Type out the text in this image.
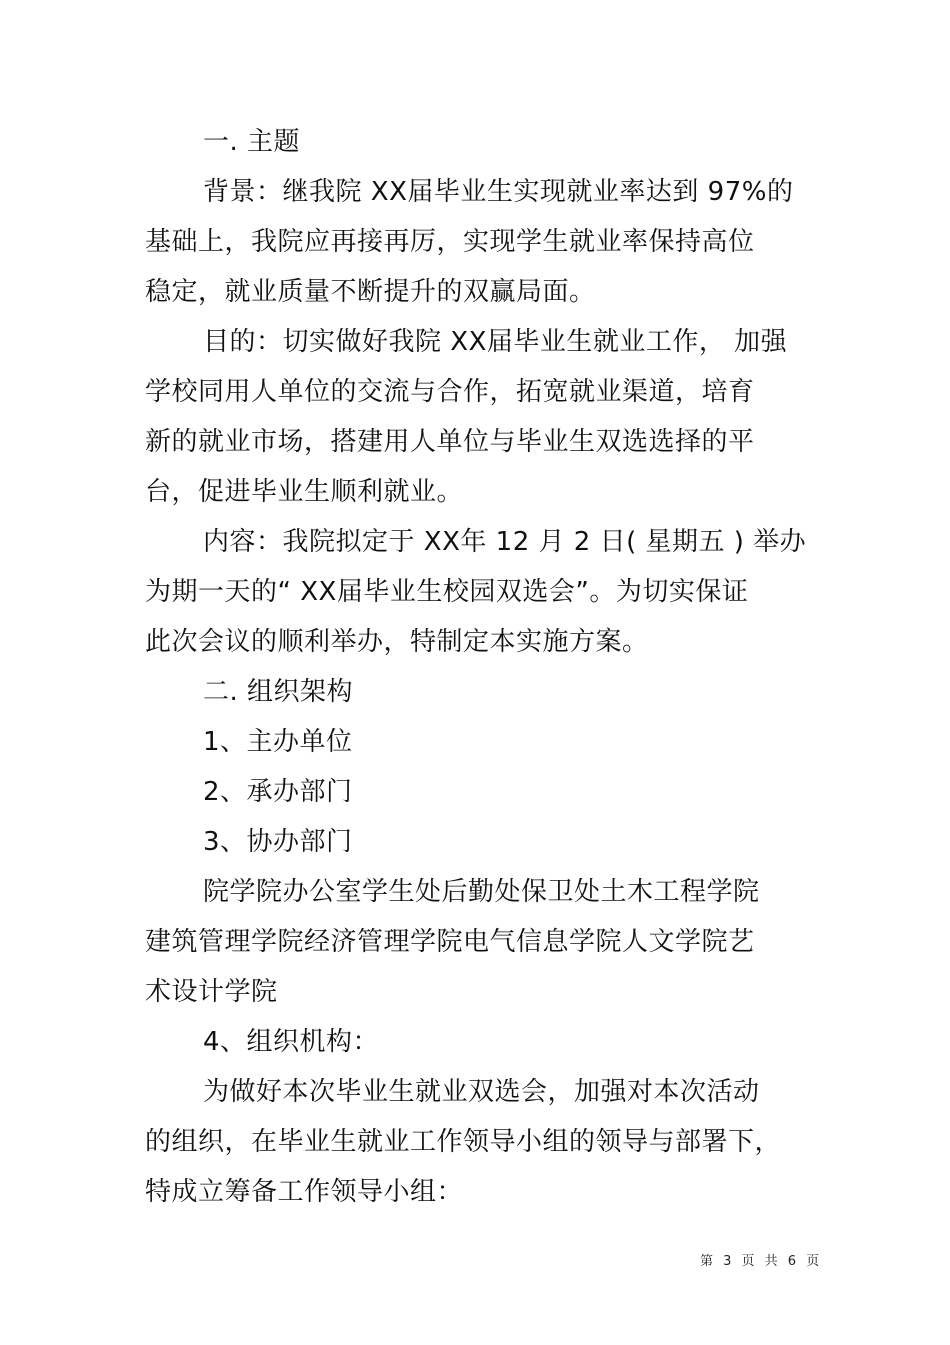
一. 主题
背景：继我院 XX届毕业生实现就业率达到 97%的
基础上，我院应再接再厉，实现学生就业率保持高位
稳定，就业质量不断提升的双赢局面。
目的：切实做好我院 XX届毕业生就业工作， 加强
学校同用人单位的交流与合作，拓宽就业渠道，培育
新的就业市场，搭建用人单位与毕业生双选选择的平
台，促进毕业生顺利就业。
内容：我院拟定于 XX年 12 月 2 日( 星期五 ) 举办
为期一天的“ XX届毕业生校园双选会”。为切实保证
此次会议的顺利举办，特制定本实施方案。
二. 组织架构
1、主办单位
2、承办部门
3、协办部门
院学院办公室学生处后勤处保卫处土木工程学院
建筑管理学院经济管理学院电气信息学院人文学院艺
术设计学院
4、组织机构：
为做好本次毕业生就业双选会，加强对本次活动
的组织，在毕业生就业工作领导小组的领导与部署下，
特成立筹备工作领导小组：
第 3 页 共 6 页
